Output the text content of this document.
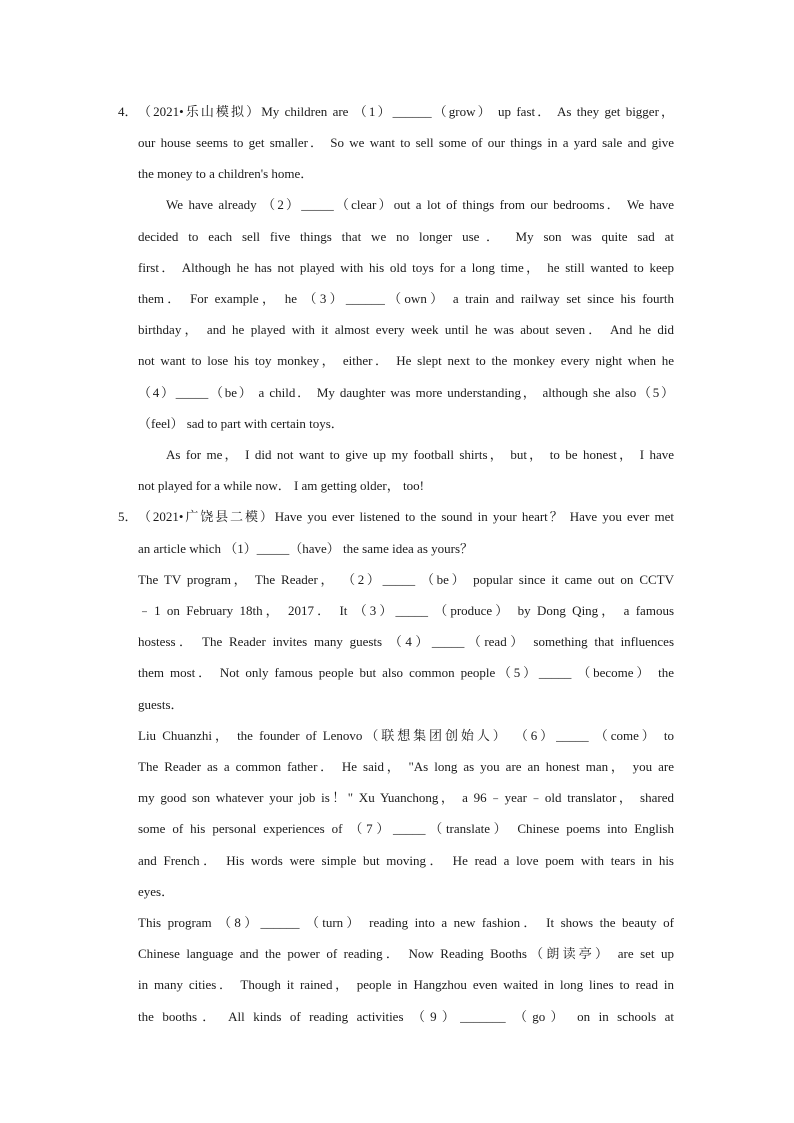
4． （2021•乐山模拟）My children are （1）______（grow） up fast． As they get bigger，
our house seems to get smaller． So we want to sell some of our things in a yard sale and give
the money to a children's home．
We have already （2）_____（clear）out a lot of things from our bedrooms． We have
decided to each sell five things that we no longer use． My son was quite sad at
first． Although he has not played with his old toys for a long time， he still wanted to keep
them． For example， he （3）______（own） a train and railway set since his fourth
birthday， and he played with it almost every week until he was about seven． And he did
not want to lose his toy monkey， either． He slept next to the monkey every night when he
（4）_____（be） a child． My daughter was more understanding， although she also（5）
（feel） sad to part with certain toys．
As for me， I did not want to give up my football shirts， but， to be honest， I have
not played for a while now． I am getting older， too!
5． （2021•广饶县二模）Have you ever listened to the sound in your heart？ Have you ever met
an article which （1）_____（have） the same idea as yours？
The TV program， The Reader， （2）_____ （be） popular since it came out on CCTV
﹣1 on February 18th， 2017． It （3）_____ （produce） by Dong Qing， a famous
hostess． The Reader invites many guests （4）_____（read） something that influences
them most． Not only famous people but also common people（5）_____ （become） the
guests．
Liu Chuanzhi， the founder of Lenovo（联想集团创始人） （6）_____ （come） to
The Reader as a common father． He said， "As long as you are an honest man， you are
my good son whatever your job is！" Xu Yuanchong， a 96﹣year﹣old translator， shared
some of his personal experiences of （7）_____（translate） Chinese poems into English
and French． His words were simple but moving． He read a love poem with tears in his
eyes．
This program （8）______ （turn） reading into a new fashion． It shows the beauty of
Chinese language and the power of reading． Now Reading Booths（朗读亭） are set up
in many cities． Though it rained， people in Hangzhou even waited in long lines to read in
the booths． All kinds of reading activities （9）_______ （go） on in schools at
